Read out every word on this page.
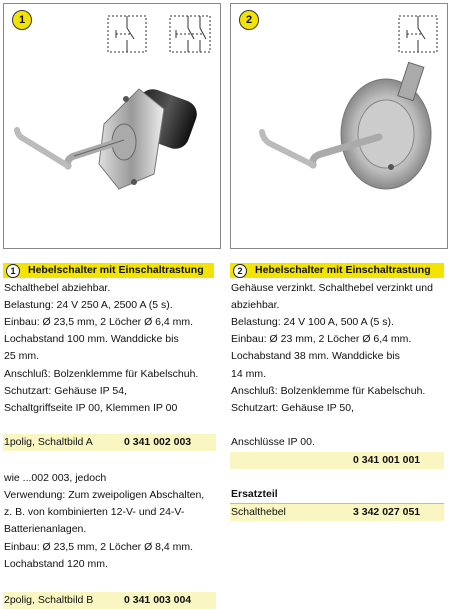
1	2
1 Hebelschalter mit Einschaltrastung	2 Hebelschalter mit Einschaltrastung
Schalthebel abziehbar.
Belastung: 24 V 250 A, 2500 A (5 s).
Einbau: Ø 23,5 mm, 2 Löcher Ø 6,4 mm.
Lochabstand 100 mm. Wanddicke bis
25 mm.
Anschluß: Bolzenklemme für Kabelschuh.
Schutzart: Gehäuse IP 54,
Schaltgriffseite IP 00, Klemmen IP 00
1polig, Schaltbild A	0 341 002 003
wie ...002 003, jedoch
Verwendung: Zum zweipoligen Abschalten,
z. B. von kombinierten 12-V- und 24-V-
Batterienanlagen.
Einbau: Ø 23,5 mm, 2 Löcher Ø 8,4 mm.
Lochabstand 120 mm.
2polig, Schaltbild B	0 341 003 004
Gehäuse verzinkt. Schalthebel verzinkt und
abziehbar.
Belastung: 24 V 100 A, 500 A (5 s).
Einbau: Ø 23 mm, 2 Löcher Ø 6,4 mm.
Lochabstand 38 mm. Wanddicke bis
14 mm.
Anschluß: Bolzenklemme für Kabelschuh.
Schutzart: Gehäuse IP 50,
Anschlüsse IP 00.
0 341 001 001
Ersatzteil
Schalthebel	3 342 027 051
